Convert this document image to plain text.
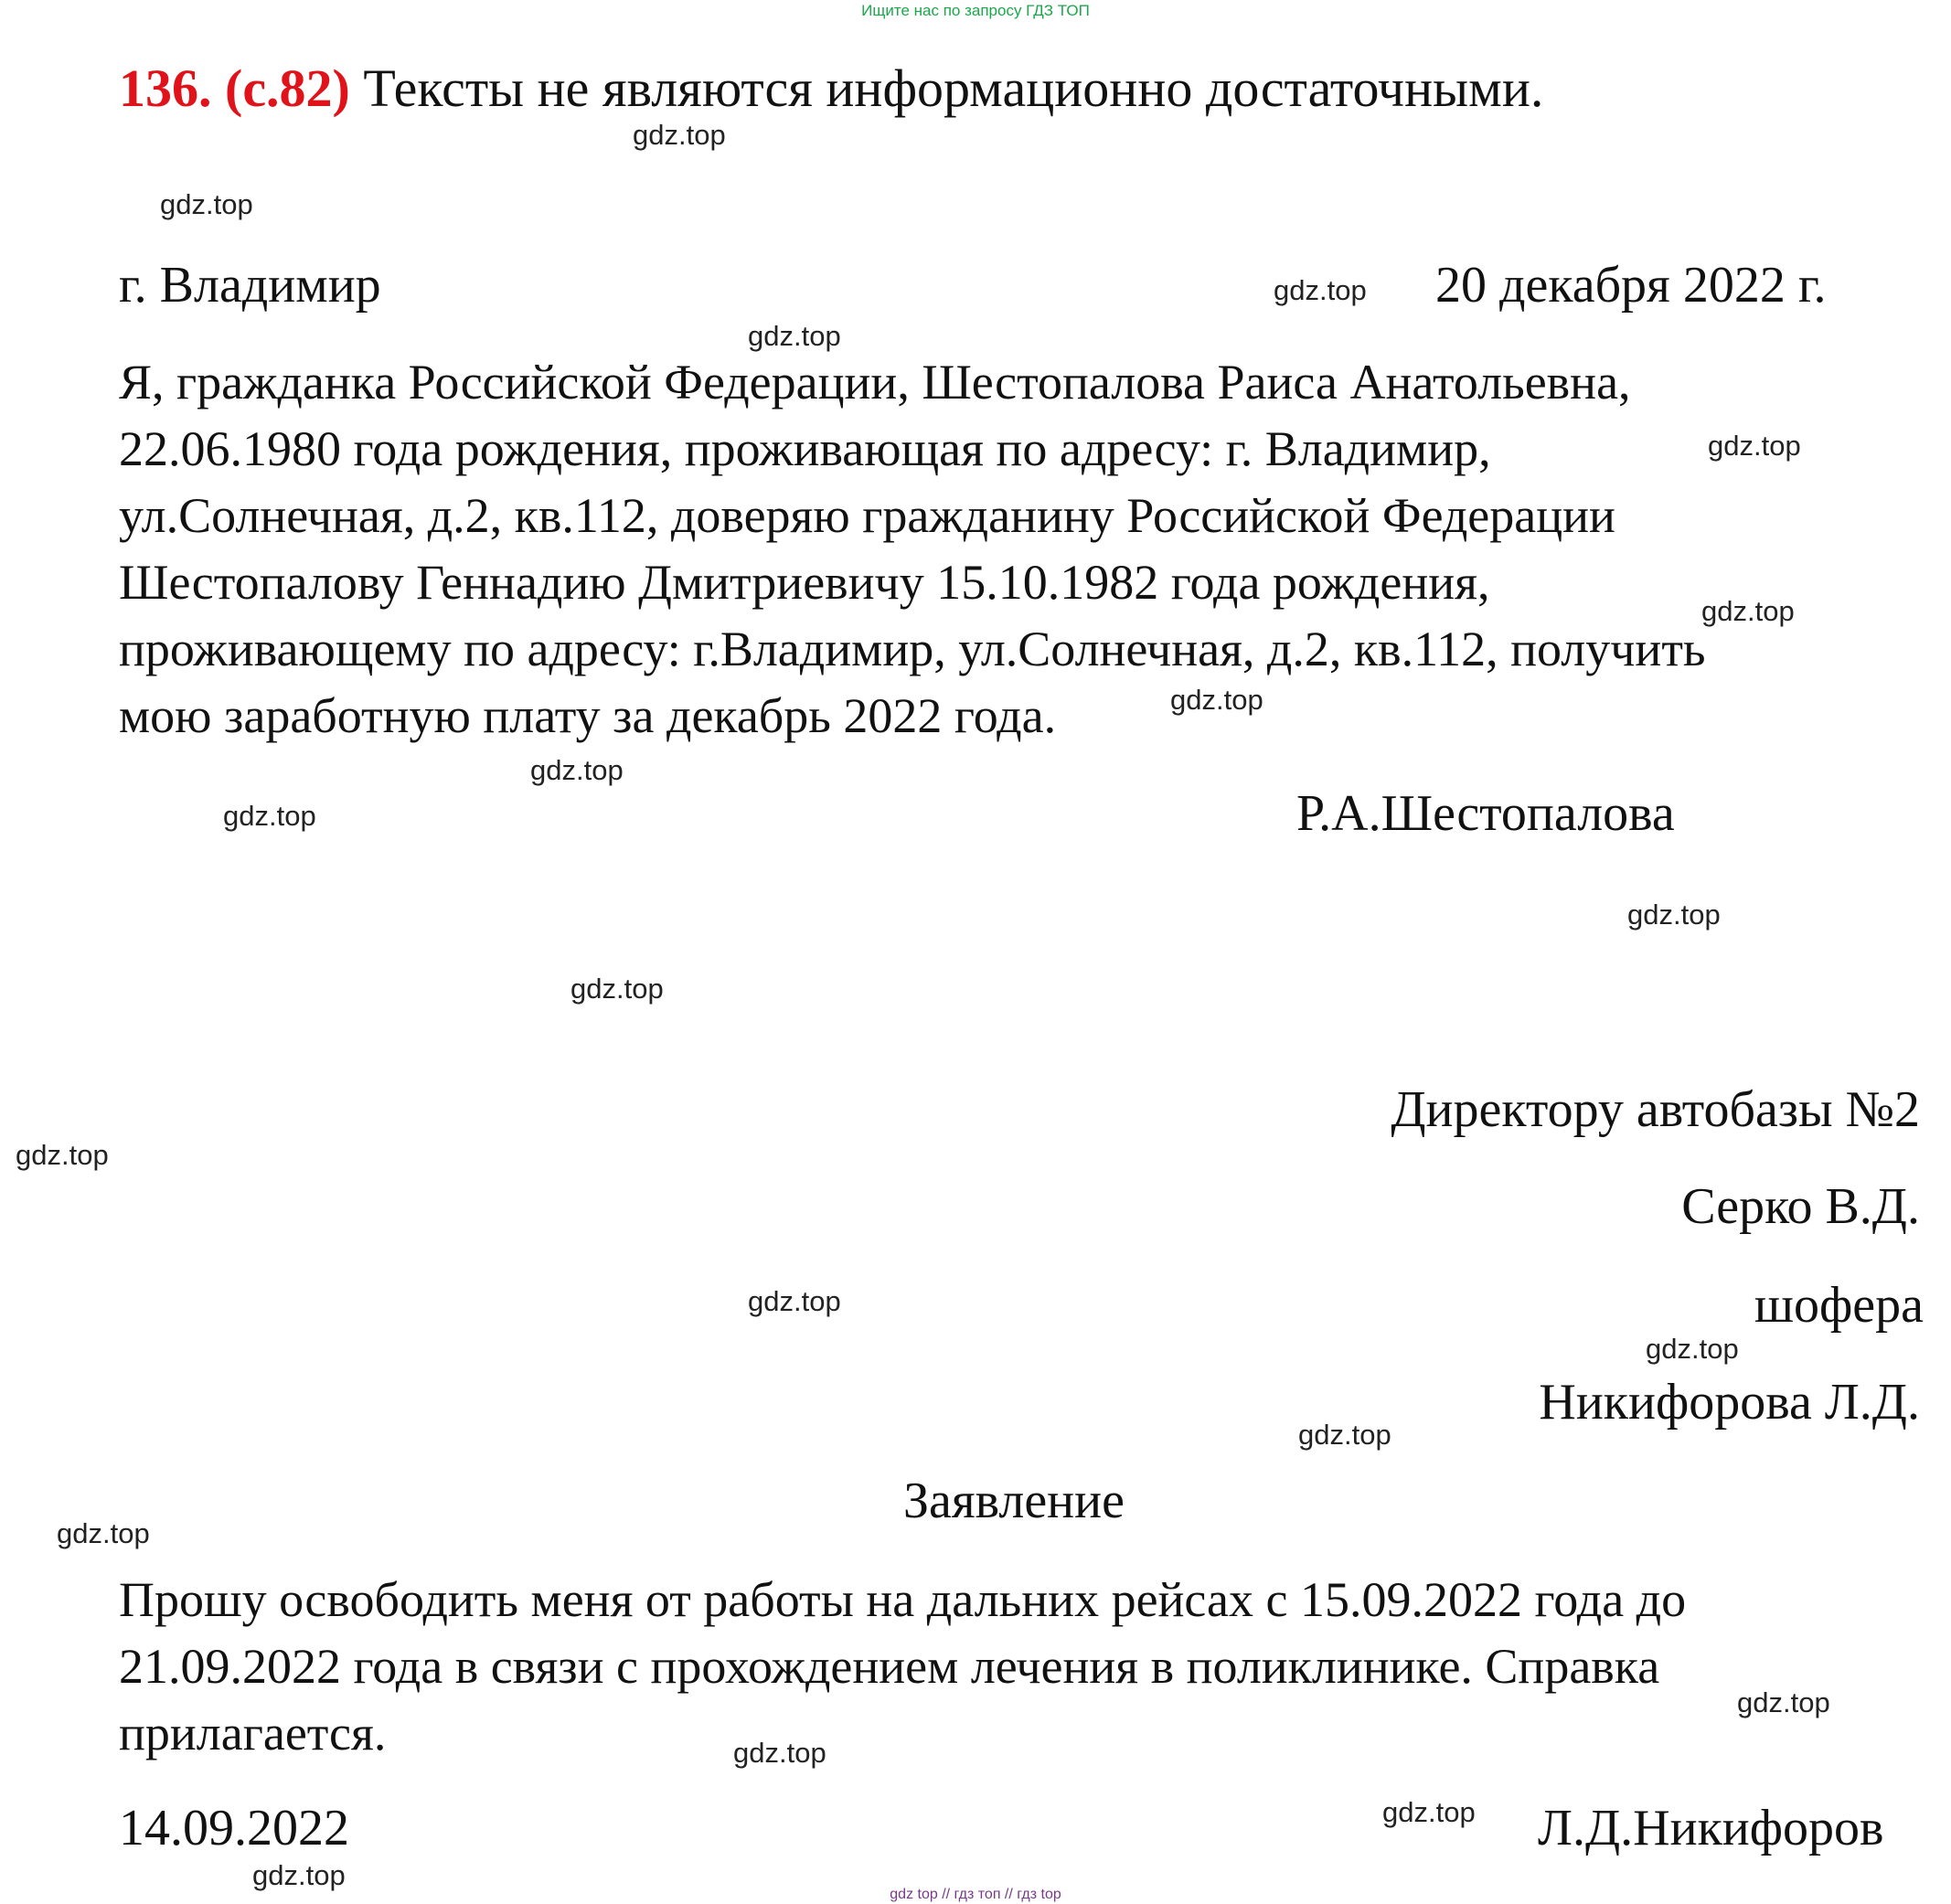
Ищите нас по запросу ГДЗ ТОП
136. (с.82) Тексты не являются информационно достаточными.
г. Владимир	20 декабря 2022 г.
Я, гражданка Российской Федерации, Шестопалова Раиса Анатольевна,
22.06.1980 года рождения, проживающая по адресу: г. Владимир,
ул.Солнечная, д.2, кв.112, доверяю гражданину Российской Федерации
Шестопалову Геннадию Дмитриевичу 15.10.1982 года рождения,
проживающему по адресу: г.Владимир, ул.Солнечная, д.2, кв.112, получить
мою заработную плату за декабрь 2022 года.
Р.А.Шестопалова
Директору автобазы №2
Серко В.Д.
шофера
Никифорова Л.Д.
Заявление
Прошу освободить меня от работы на дальних рейсах с 15.09.2022 года до
21.09.2022 года в связи с прохождением лечения в поликлинике. Справка
прилагается.
14.09.2022	Л.Д.Никифоров
gdz.top
gdz.top
gdz.top
gdz.top
gdz.top
gdz.top
gdz.top
gdz.top
gdz.top
gdz.top
gdz.top
gdz.top
gdz.top
gdz.top
gdz.top
gdz.top
gdz.top
gdz.top
gdz.top
gdz.top
gdz top // гдз топ // гдз top
